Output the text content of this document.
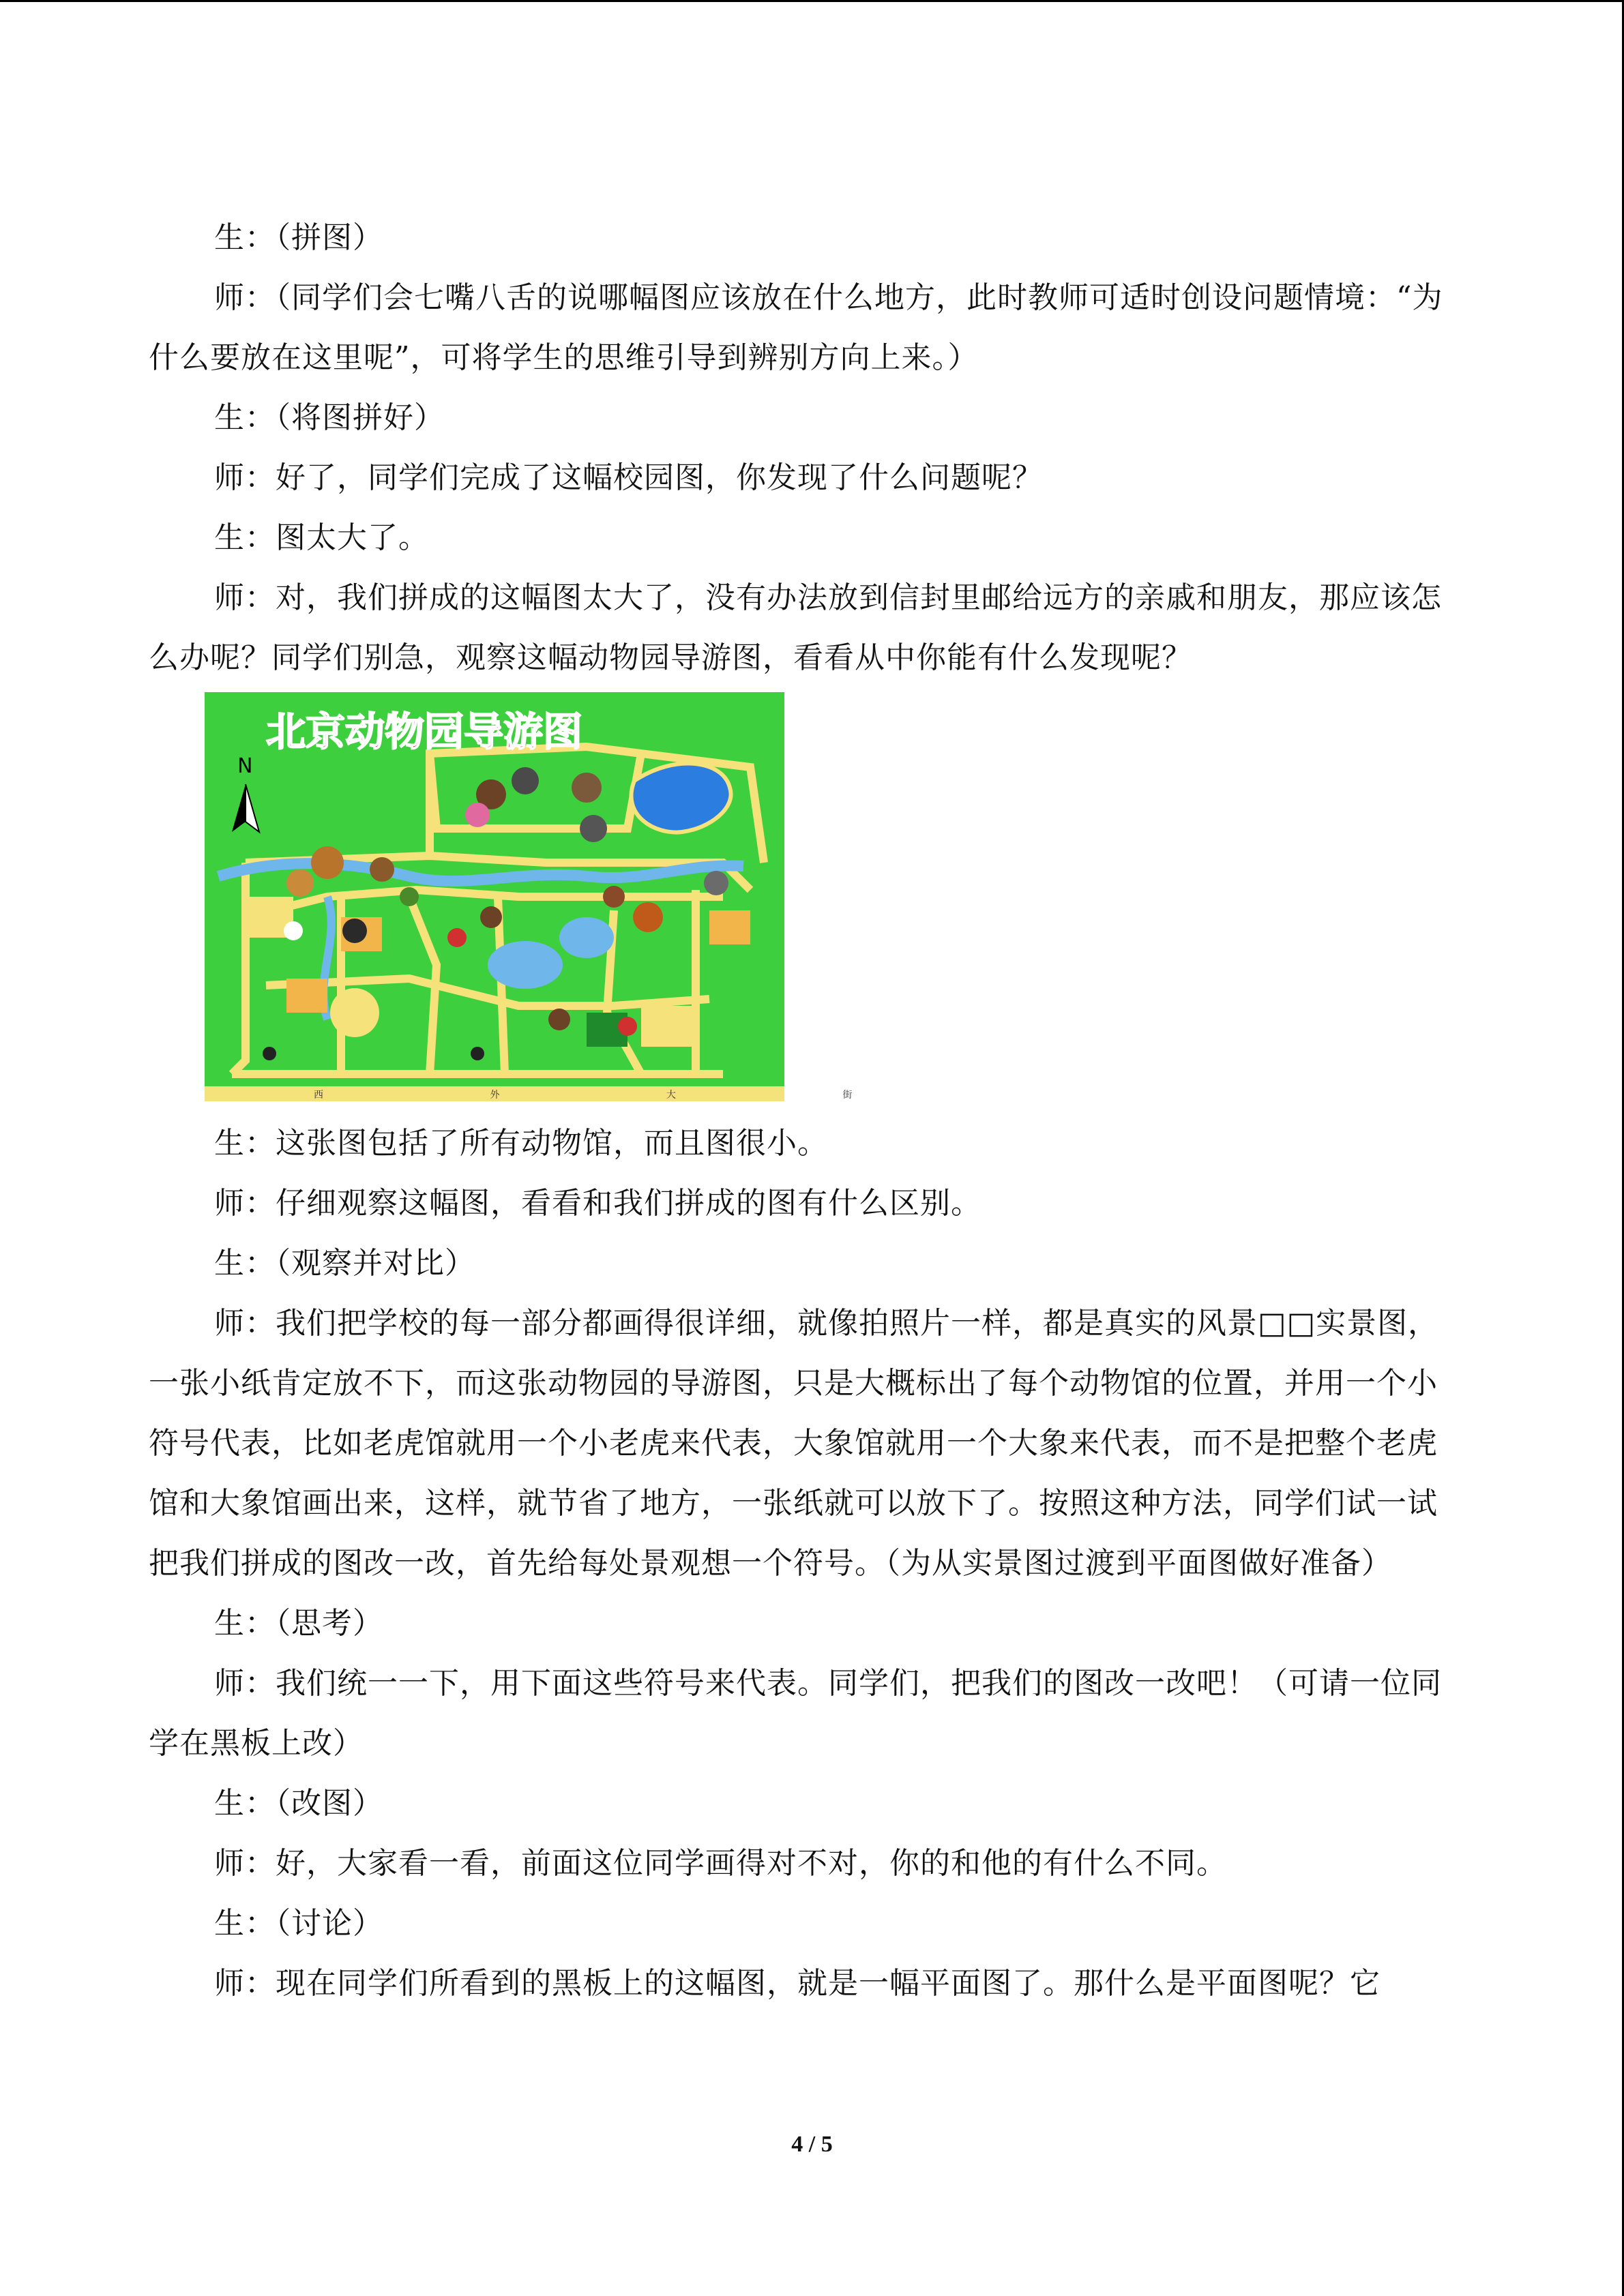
生：（拼图）

师：（同学们会七嘴八舌的说哪幅图应该放在什么地方，此时教师可适时创设问题情境：“为什么要放在这里呢”，可将学生的思维引导到辨别方向上来。）

生：（将图拼好）

师：好了，同学们完成了这幅校园图，你发现了什么问题呢？

生：图太大了。

师：对，我们拼成的这幅图太大了，没有办法放到信封里邮给远方的亲戚和朋友，那应该怎么办呢？同学们别急，观察这幅动物园导游图，看看从中你能有什么发现呢？

北京动物园导游图
N
西 外 大 街

生：这张图包括了所有动物馆，而且图很小。

师：仔细观察这幅图，看看和我们拼成的图有什么区别。

生：（观察并对比）

师：我们把学校的每一部分都画得很详细，就像拍照片一样，都是真实的风景□□实景图，一张小纸肯定放不下，而这张动物园的导游图，只是大概标出了每个动物馆的位置，并用一个小符号代表，比如老虎馆就用一个小老虎来代表，大象馆就用一个大象来代表，而不是把整个老虎馆和大象馆画出来，这样，就节省了地方，一张纸就可以放下了。按照这种方法，同学们试一试把我们拼成的图改一改，首先给每处景观想一个符号。（为从实景图过渡到平面图做好准备）

生：（思考）

师：我们统一一下，用下面这些符号来代表。同学们，把我们的图改一改吧！（可请一位同学在黑板上改）

生：（改图）

师：好，大家看一看，前面这位同学画得对不对，你的和他的有什么不同。

生：（讨论）

师：现在同学们所看到的黑板上的这幅图，就是一幅平面图了。那什么是平面图呢？它

4 / 5
